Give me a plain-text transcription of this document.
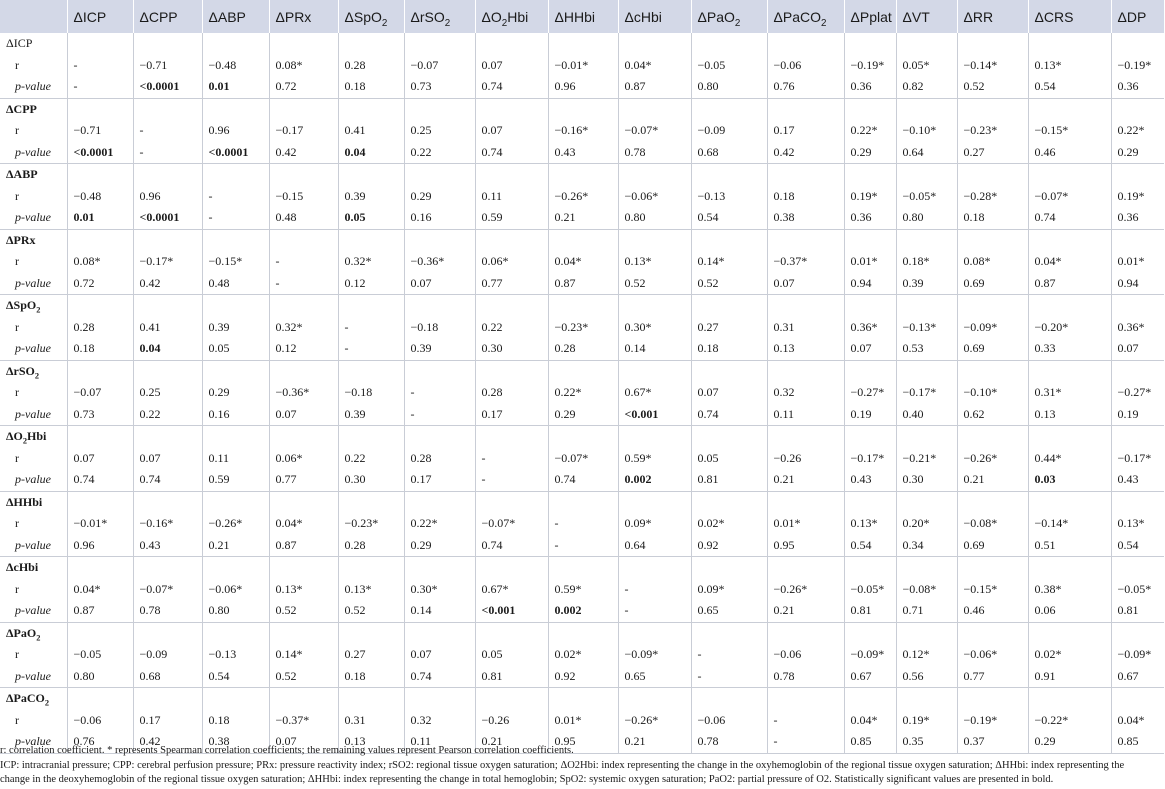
	ΔICP	ΔCPP	ΔABP	ΔPRx	ΔSpO$_2$	ΔrSO$_2$	$\Delta O_2Hbi$	ΔHHbi	ΔcHbi	ΔPaO$_2$	ΔPaCO$_2$	ΔPplat	ΔVT	ΔRR	ΔCRS	ΔDP
ΔICP																
r	-	−0.71	−0.48	0.08*	0.28	−0.07	0.07	−0.01*	0.04*	−0.05	−0.06	−0.19*	0.05*	−0.14*	0.13*	−0.19*
p-value	-	<0.0001	0.01	0.72	0.18	0.73	0.74	0.96	0.87	0.80	0.76	0.36	0.82	0.52	0.54	0.36
ΔCPP																
r	−0.71	-	0.96	−0.17	0.41	0.25	0.07	−0.16*	−0.07*	−0.09	0.17	0.22*	−0.10*	−0.23*	−0.15*	0.22*
p-value	<0.0001	-	<0.0001	0.42	0.04	0.22	0.74	0.43	0.78	0.68	0.42	0.29	0.64	0.27	0.46	0.29
ΔABP																
r	−0.48	0.96	-	−0.15	0.39	0.29	0.11	−0.26*	−0.06*	−0.13	0.18	0.19*	−0.05*	−0.28*	−0.07*	0.19*
p-value	0.01	<0.0001	-	0.48	0.05	0.16	0.59	0.21	0.80	0.54	0.38	0.36	0.80	0.18	0.74	0.36
ΔPRx																
r	0.08*	−0.17*	−0.15*	-	0.32*	−0.36*	0.06*	0.04*	0.13*	0.14*	−0.37*	0.01*	0.18*	0.08*	0.04*	0.01*
p-value	0.72	0.42	0.48	-	0.12	0.07	0.77	0.87	0.52	0.52	0.07	0.94	0.39	0.69	0.87	0.94
ΔSpO$_2$																
r	0.28	0.41	0.39	0.32*	-	−0.18	0.22	−0.23*	0.30*	0.27	0.31	0.36*	−0.13*	−0.09*	−0.20*	0.36*
p-value	0.18	0.04	0.05	0.12	-	0.39	0.30	0.28	0.14	0.18	0.13	0.07	0.53	0.69	0.33	0.07
ΔrSO$_2$																
r	−0.07	0.25	0.29	−0.36*	−0.18	-	0.28	0.22*	0.67*	0.07	0.32	−0.27*	−0.17*	−0.10*	0.31*	−0.27*
p-value	0.73	0.22	0.16	0.07	0.39	-	0.17	0.29	<0.001	0.74	0.11	0.19	0.40	0.62	0.13	0.19
$\Delta O_2Hbi$																
r	0.07	0.07	0.11	0.06*	0.22	0.28	-	−0.07*	0.59*	0.05	−0.26	−0.17*	−0.21*	−0.26*	0.44*	−0.17*
p-value	0.74	0.74	0.59	0.77	0.30	0.17	-	0.74	0.002	0.81	0.21	0.43	0.30	0.21	0.03	0.43
ΔHHbi																
r	−0.01*	−0.16*	−0.26*	0.04*	−0.23*	0.22*	−0.07*	-	0.09*	0.02*	0.01*	0.13*	0.20*	−0.08*	−0.14*	0.13*
p-value	0.96	0.43	0.21	0.87	0.28	0.29	0.74	-	0.64	0.92	0.95	0.54	0.34	0.69	0.51	0.54
ΔcHbi																
r	0.04*	−0.07*	−0.06*	0.13*	0.13*	0.30*	0.67*	0.59*	-	0.09*	−0.26*	−0.05*	−0.08*	−0.15*	0.38*	−0.05*
p-value	0.87	0.78	0.80	0.52	0.52	0.14	<0.001	0.002	-	0.65	0.21	0.81	0.71	0.46	0.06	0.81
ΔPaO$_2$																
r	−0.05	−0.09	−0.13	0.14*	0.27	0.07	0.05	0.02*	−0.09*	-	−0.06	−0.09*	0.12*	−0.06*	0.02*	−0.09*
p-value	0.80	0.68	0.54	0.52	0.18	0.74	0.81	0.92	0.65	-	0.78	0.67	0.56	0.77	0.91	0.67
ΔPaCO$_2$																
r	−0.06	0.17	0.18	−0.37*	0.31	0.32	−0.26	0.01*	−0.26*	−0.06	-	0.04*	0.19*	−0.19*	−0.22*	0.04*
p-value	0.76	0.42	0.38	0.07	0.13	0.11	0.21	0.95	0.21	0.78	-	0.85	0.35	0.37	0.29	0.85

r: correlation coefficient. * represents Spearman correlation coefficients; the remaining values represent Pearson correlation coefficients.

ICP: intracranial pressure; CPP: cerebral perfusion pressure; PRx: pressure reactivity index; rSO2: regional tissue oxygen saturation; ΔO2Hbi: index representing the change in the oxyhemoglobin of the regional tissue oxygen saturation; ΔHHbi: index representing the change in the deoxyhemoglobin of the regional tissue oxygen saturation; ΔHHbi: index representing the change in total hemoglobin; SpO2: systemic oxygen saturation; PaO2: partial pressure of O2. Statistically significant values are presented in bold.
